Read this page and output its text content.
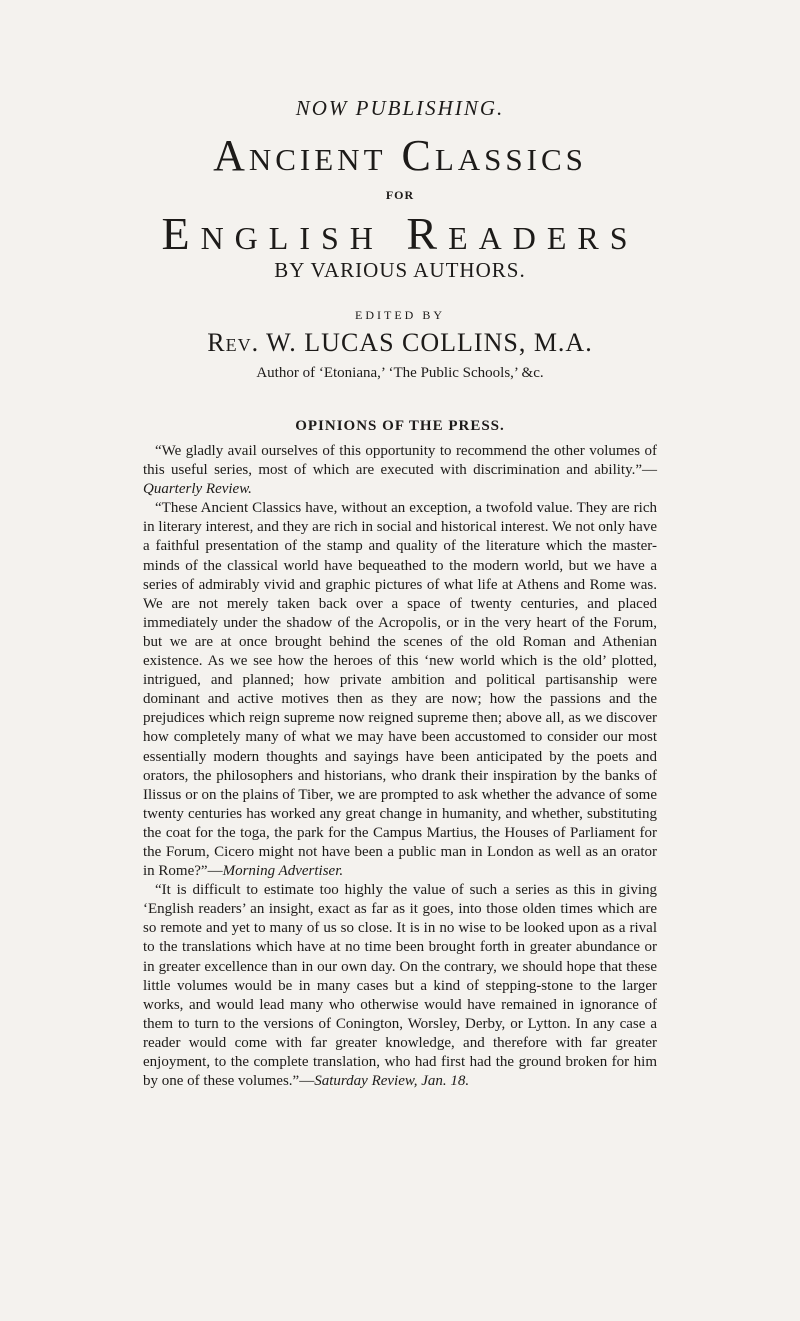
NOW PUBLISHING.
Ancient Classics
FOR
English Readers
BY VARIOUS AUTHORS.
EDITED BY
Rev. W. LUCAS COLLINS, M.A.
Author of ‘Etoniana,’ ‘The Public Schools,’ &c.
OPINIONS OF THE PRESS.

“We gladly avail ourselves of this opportunity to recommend the other volumes of this useful series, most of which are executed with discrimination and ability.”—Quarterly Review.

“These Ancient Classics have, without an exception, a twofold value. They are rich in literary interest, and they are rich in social and historical interest. We not only have a faithful presentation of the stamp and quality of the literature which the master-minds of the classical world have bequeathed to the modern world, but we have a series of admirably vivid and graphic pictures of what life at Athens and Rome was. We are not merely taken back over a space of twenty centuries, and placed immediately under the shadow of the Acropolis, or in the very heart of the Forum, but we are at once brought behind the scenes of the old Roman and Athenian existence. As we see how the heroes of this ‘new world which is the old’ plotted, intrigued, and planned; how private ambition and political partisanship were dominant and active motives then as they are now; how the passions and the prejudices which reign supreme now reigned supreme then; above all, as we discover how completely many of what we may have been accustomed to consider our most essentially modern thoughts and sayings have been anticipated by the poets and orators, the philosophers and historians, who drank their inspiration by the banks of Ilissus or on the plains of Tiber, we are prompted to ask whether the advance of some twenty centuries has worked any great change in humanity, and whether, substituting the coat for the toga, the park for the Campus Martius, the Houses of Parliament for the Forum, Cicero might not have been a public man in London as well as an orator in Rome?”—Morning Advertiser.

“It is difficult to estimate too highly the value of such a series as this in giving ‘English readers’ an insight, exact as far as it goes, into those olden times which are so remote and yet to many of us so close. It is in no wise to be looked upon as a rival to the translations which have at no time been brought forth in greater abundance or in greater excellence than in our own day. On the contrary, we should hope that these little volumes would be in many cases but a kind of stepping-stone to the larger works, and would lead many who otherwise would have remained in ignorance of them to turn to the versions of Conington, Worsley, Derby, or Lytton. In any case a reader would come with far greater knowledge, and therefore with far greater enjoyment, to the complete translation, who had first had the ground broken for him by one of these volumes.”—Saturday Review, Jan. 18.
